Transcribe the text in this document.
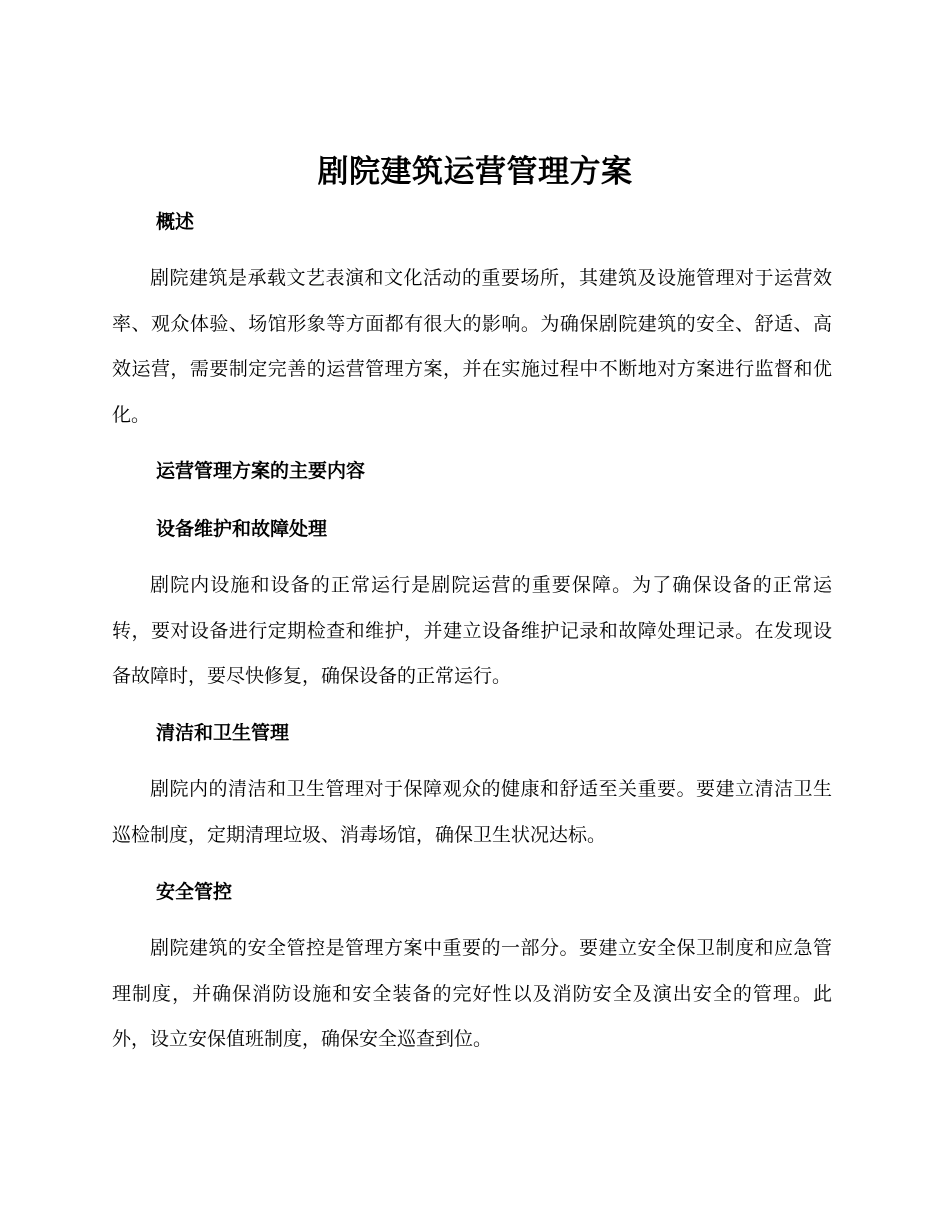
剧院建筑运营管理方案
概述

剧院建筑是承载文艺表演和文化活动的重要场所，其建筑及设施管理对于运营效率、观众体验、场馆形象等方面都有很大的影响。为确保剧院建筑的安全、舒适、高效运营，需要制定完善的运营管理方案，并在实施过程中不断地对方案进行监督和优化。

运营管理方案的主要内容
设备维护和故障处理

剧院内设施和设备的正常运行是剧院运营的重要保障。为了确保设备的正常运转，要对设备进行定期检查和维护，并建立设备维护记录和故障处理记录。在发现设备故障时，要尽快修复，确保设备的正常运行。

清洁和卫生管理

剧院内的清洁和卫生管理对于保障观众的健康和舒适至关重要。要建立清洁卫生巡检制度，定期清理垃圾、消毒场馆，确保卫生状况达标。

安全管控

剧院建筑的安全管控是管理方案中重要的一部分。要建立安全保卫制度和应急管理制度，并确保消防设施和安全装备的完好性以及消防安全及演出安全的管理。此外，设立安保值班制度，确保安全巡查到位。
